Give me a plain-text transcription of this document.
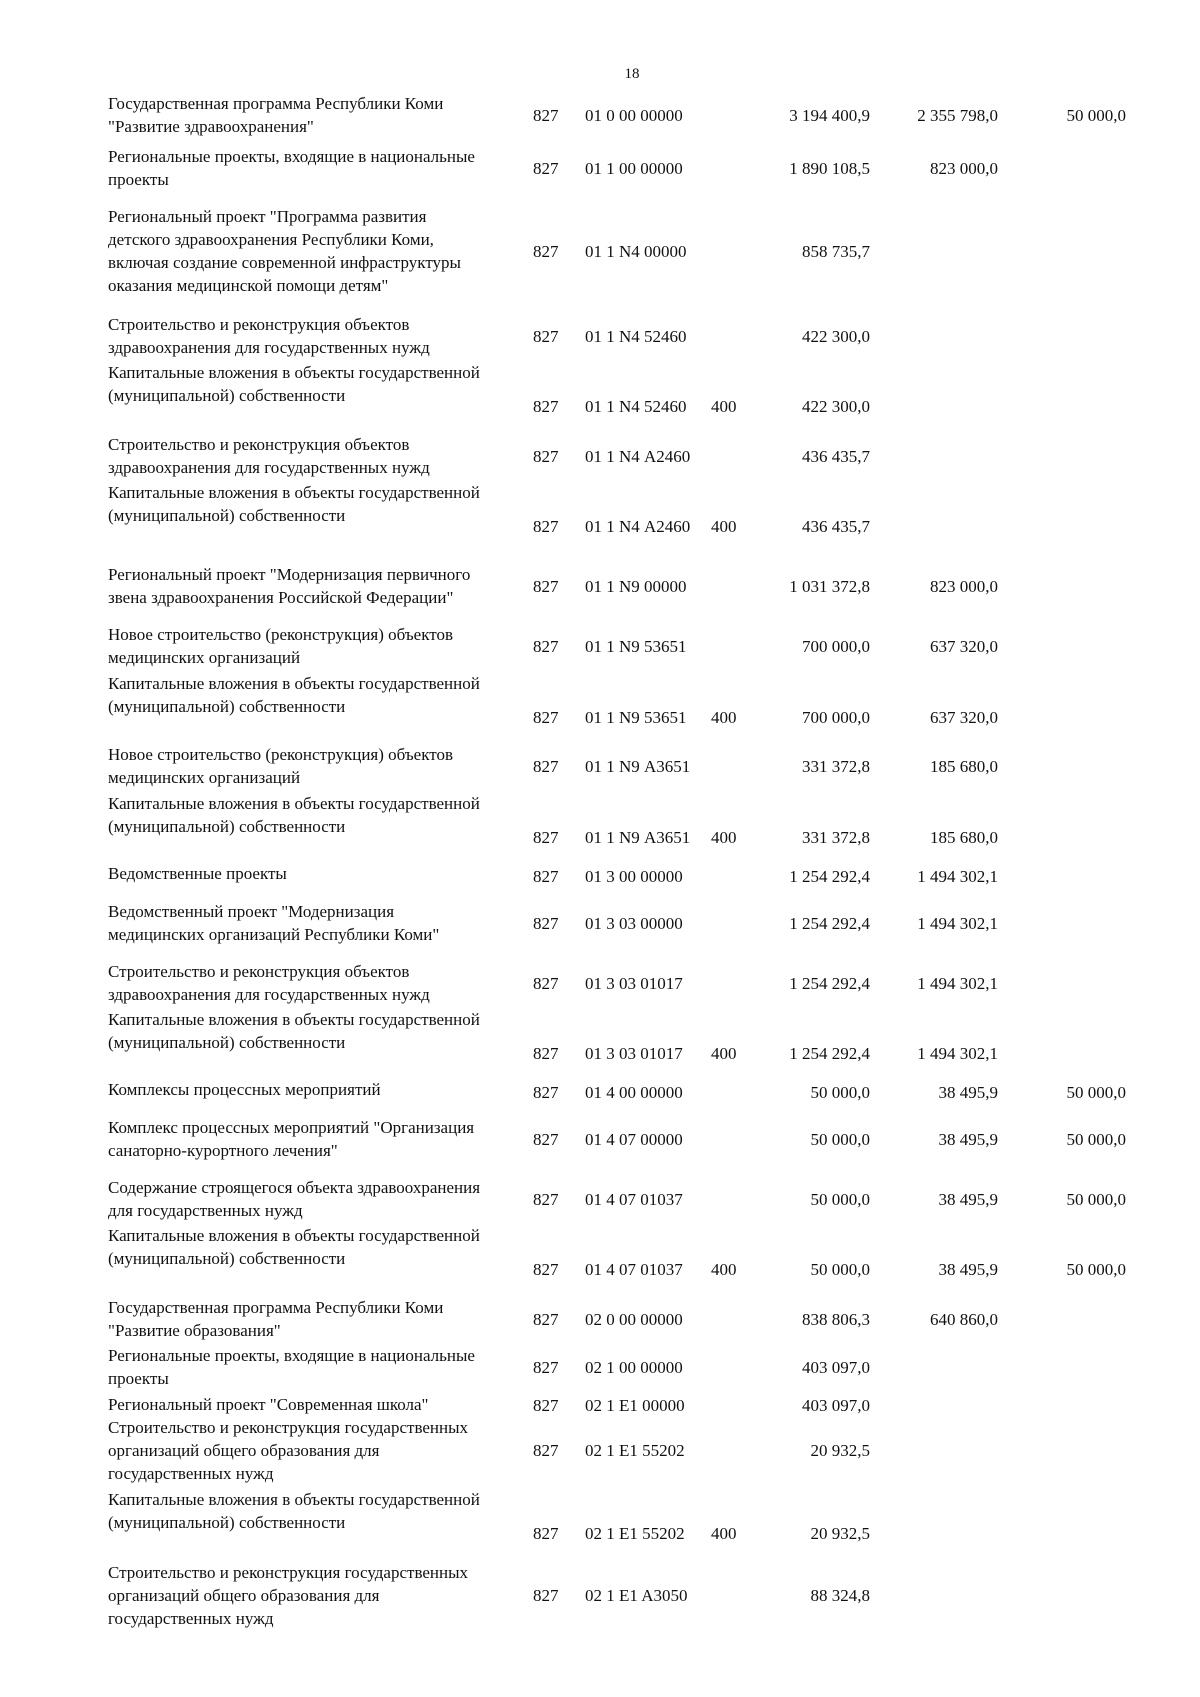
18
Государственная программа Республики Коми
"Развитие здравоохранения"
827 01 0 00 00000	3 194 400,9	2 355 798,0	50 000,0
Региональные проекты, входящие в национальные
проекты
827 01 1 00 00000	1 890 108,5	823 000,0
Региональный проект "Программа развития
детского здравоохранения Республики Коми,
включая создание современной инфраструктуры
оказания медицинской помощи детям"
827 01 1 N4 00000	858 735,7
Строительство и реконструкция объектов
здравоохранения для государственных нужд
827 01 1 N4 52460	422 300,0
Капитальные вложения в объекты государственной
(муниципальной) собственности
827 01 1 N4 52460	400	422 300,0
Строительство и реконструкция объектов
здравоохранения для государственных нужд
827 01 1 N4 А2460	436 435,7
Капитальные вложения в объекты государственной
(муниципальной) собственности
827 01 1 N4 А2460 400	436 435,7
Региональный проект "Модернизация первичного
звена здравоохранения Российской Федерации"
827 01 1 N9 00000	1 031 372,8	823 000,0
Новое строительство (реконструкция) объектов
медицинских организаций
827 01 1 N9 53651	700 000,0	637 320,0
Капитальные вложения в объекты государственной
(муниципальной) собственности
827 01 1 N9 53651	400	700 000,0	637 320,0
Новое строительство (реконструкция) объектов
медицинских организаций
827 01 1 N9 А3651	331 372,8	185 680,0
Капитальные вложения в объекты государственной
(муниципальной) собственности
827 01 1 N9 А3651 400	331 372,8	185 680,0
Ведомственные проекты	827 01 3 00 00000	1 254 292,4	1 494 302,1
Ведомственный проект "Модернизация
медицинских организаций Республики Коми"
827 01 3 03 00000	1 254 292,4	1 494 302,1
Строительство и реконструкция объектов
здравоохранения для государственных нужд
827 01 3 03 01017	1 254 292,4	1 494 302,1
Капитальные вложения в объекты государственной
(муниципальной) собственности
827 01 3 03 01017	400	1 254 292,4	1 494 302,1
Комплексы процессных мероприятий	827 01 4 00 00000	50 000,0	38 495,9	50 000,0
Комплекс процессных мероприятий "Организация
санаторно-курортного лечения"
827 01 4 07 00000	50 000,0	38 495,9	50 000,0
Содержание строящегося объекта здравоохранения
для государственных нужд
827 01 4 07 01037	50 000,0	38 495,9	50 000,0
Капитальные вложения в объекты государственной
(муниципальной) собственности
827 01 4 07 01037	400	50 000,0	38 495,9	50 000,0
Государственная программа Республики Коми
"Развитие образования"
827 02 0 00 00000	838 806,3	640 860,0
Региональные проекты, входящие в национальные
проекты
827 02 1 00 00000	403 097,0
Региональный проект "Современная школа"	827 02 1 E1 00000	403 097,0
Строительство и реконструкция государственных
организаций общего образования для
государственных нужд
827 02 1 E1 55202	20 932,5
Капитальные вложения в объекты государственной
(муниципальной) собственности
827 02 1 E1 55202	400	20 932,5
Строительство и реконструкция государственных
организаций общего образования для
государственных нужд
827 02 1 E1 A3050	88 324,8
